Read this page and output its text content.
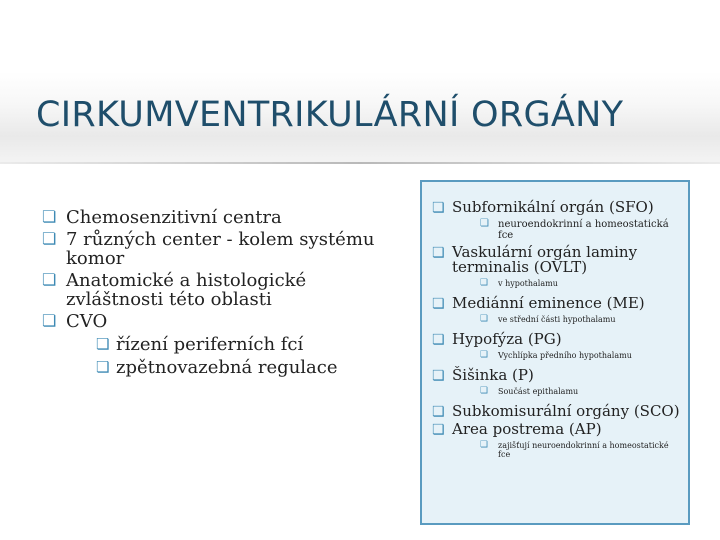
CIRKUMVENTRIKULÁRNÍ ORGÁNY
❏ Chemosenzitivní centra
❏ 7 různých center - kolem systému komor
❏ Anatomické a histologické zvláštnosti této oblasti
❏ CVO
❏ řízení periferních fcí
❏ zpětnovazebná regulace
❏ Subfornikální orgán (SFO)
❏ neuroendokrinní a homeostatická fce
❏ Vaskulární orgán laminy terminalis (OVLT)
❏ v hypothalamu
❏ Mediánní eminence (ME)
❏ ve střední části hypothalamu
❏ Hypofýza (PG)
❏ Vychlípka předního hypothalamu
❏ Šišinka (P)
❏ Součást epithalamu
❏ Subkomisurální orgány (SCO)
❏ Area postrema (AP)
❏ zajišťují neuroendokrinní a homeostatické fce
